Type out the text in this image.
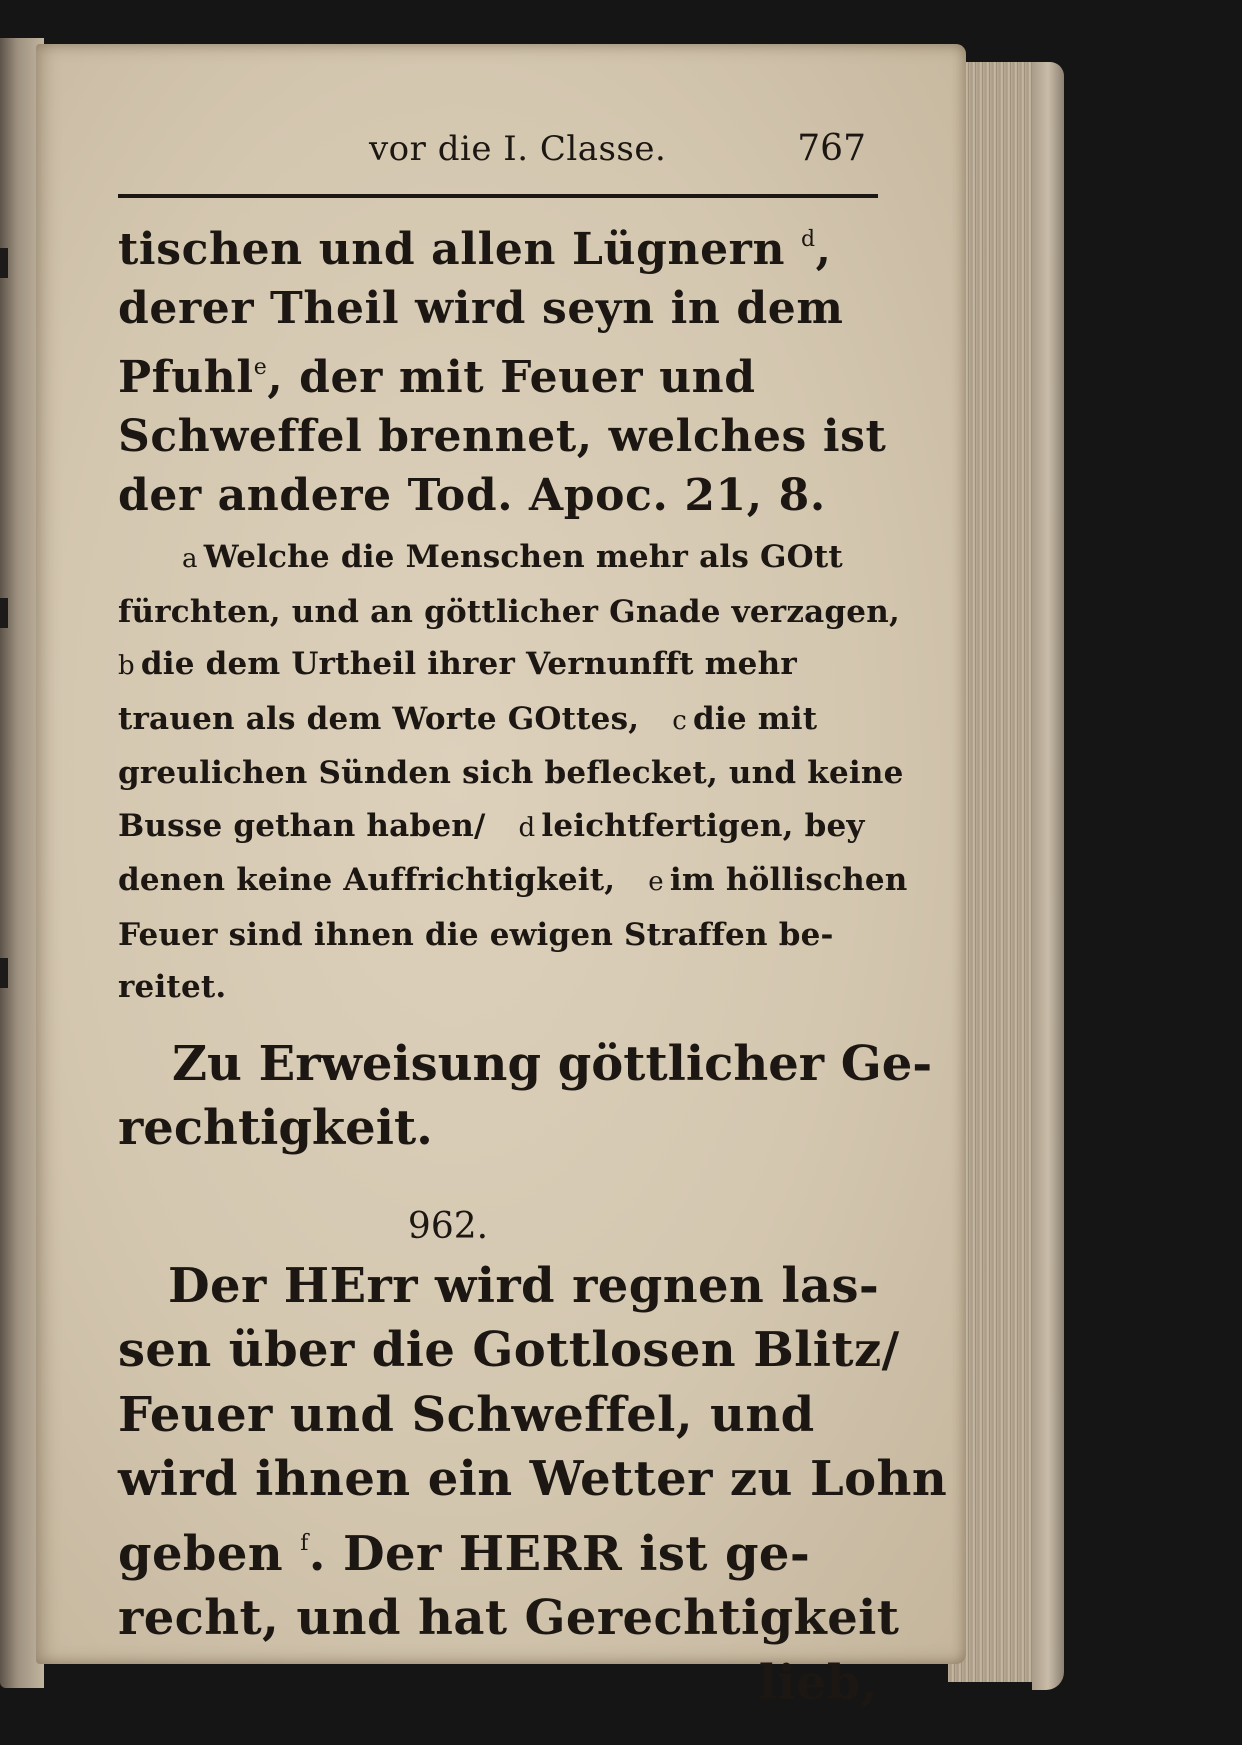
vor die I. Classe.	767
tischen und allen Lügnern $^d$,
derer Theil wird seyn in dem
Pfuhl$^e$, der mit Feuer und
Schweffel brennet, welches ist
der andere Tod. Apoc. 21, 8.
a Welche die Menschen mehr als GOtt
fürchten, und an göttlicher Gnade verzagen,
b die dem Urtheil ihrer Vernunfft mehr
trauen als dem Worte GOttes, c die mit
greulichen Sünden sich beflecket, und keine
Busse gethan haben/ d leichtfertigen, bey
denen keine Auffrichtigkeit, e im höllischen
Feuer sind ihnen die ewigen Straffen be-
reitet.
Zu Erweisung göttlicher Ge-
rechtigkeit.
962.
Der HErr wird regnen las-
sen über die Gottlosen Blitz/
Feuer und Schweffel, und
wird ihnen ein Wetter zu Lohn
geben $^f$. Der HERR ist ge-
recht, und hat Gerechtigkeit
lieb,
